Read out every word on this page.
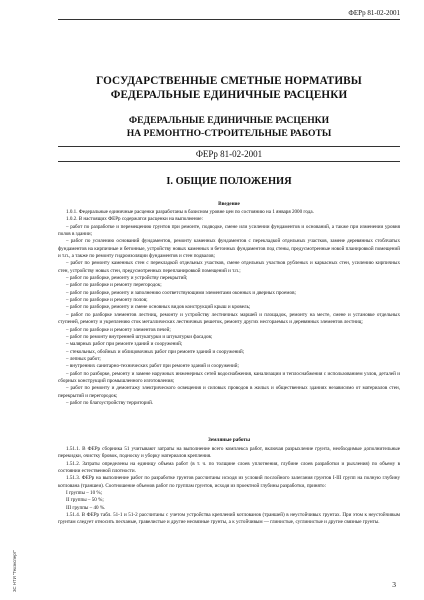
ФЕРр 81-02-2001
ГОСУДАРСТВЕННЫЕ СМЕТНЫЕ НОРМАТИВЫ
ФЕДЕРАЛЬНЫЕ ЕДИНИЧНЫЕ РАСЦЕНКИ
ФЕДЕРАЛЬНЫЕ ЕДИНИЧНЫЕ РАСЦЕНКИ
НА РЕМОНТНО-СТРОИТЕЛЬНЫЕ РАБОТЫ
ФЕРр 81-02-2001
I. ОБЩИЕ ПОЛОЖЕНИЯ
Введение

1.0.1. Федеральные единичные расценки разработаны в базисном уровне цен по состоянию на 1 января 2000 года.

1.0.2. В настоящих ФЕРр содержатся расценки на выполнение:

– работ по разработке и перемещению грунтов при ремонте, подводке, смене или усилении фундаментов и оснований, а также при изменении уровня полов в здании;

– работ по усилению оснований фундаментов, ремонту каменных фундаментов с перекладкой отдельных участков, замене деревянных стоблчатых фундаментов на кирпичные и бетонные, устройству новых каменных и бетонных фундаментов под стены, предусмотренные новой планировкой помещений и т.п., а также по ремонту гидроизоляции фундаментов и стен подвалов;

– работ по ремонту каменных стен с перекладкой отдельных участков, смене отдельных участков рубленых и каркасных стен, усилению кирпичных стен, устройству новых стен, предусмотренных перепланировкой помещений и т.п.;

– работ по разборке, ремонту и устройству перекрытий;

– работ по разборке и ремонту перегородок;

– работ по разборке, ремонту и заполнению соответствующими элементами оконных и дверных проемов;

– работ по разборке и ремонту полов;

– работ по разборке, ремонту и смене основных видов конструкций крыш и кровель;

– работ по разборке элементов лестниц, ремонту и устройству лестничных маршей и площадок, ремонту на месте, смене и установке отдельных ступеней, ремонту и укреплению сток металлических лестничных решеток, ремонту других несгораемых и деревянных элементов лестниц;

– работ по разборке и ремонту элементов печей;

– работ по ремонту внутренней штукатурки и штукатурки фасадов;

– малярных работ при ремонте зданий и сооружений;

– стекольных, обойных и облицовочных работ при ремонте зданий и сооружений;

– лепных работ;

– внутренних санитарно-технических работ при ремонте зданий и сооружений;

– работ по разборке, ремонту и замене наружных инженерных сетей водоснабжения, канализации и теплоснабжения с использованием узлов, деталей и сборных конструкций промышленного изготовления;

– работ по ремонту и демонтажу электрического освещения и силовых проводов в жилых и общественных зданиях независимо от материалов стен, перекрытий и перегородок;

– работ по благоустройству территорий.

Земляные работы

1.51.1. В ФЕРр сборника 51 учитывают затраты на выполнение всего комплекса работ, включая разрыхление грунта, необходимые дополнительные перекидки, очистку бровок, подноску и уборку материалов крепления.

1.51.2. Затраты определены на единицу объема работ (в т. ч. по толщине слоев уплотнения, глубине слоев разработки и рыхления) по объему в состоянии естественной плотности.

1.51.3. ФЕРр на выполнение работ по разработке грунтов рассчитаны исходя из условий послойного залегания грунтов I-III групп на полную глубину котлована (траншеи). Соотношение объемов работ по группам грунтов, исходя из проектной глубины разработки, принято:

I группы – 10 %;

II группы – 50 %;

III группы – 40 %.

1.51.4. В ФЕРр табл. 51-1 и 51-2 рассчитаны с учетом устройства креплений котлованов (траншей) в неустойчивых грунтах. При этом к неустойчивым грунтам следует относить песчаные, гравелистые и другие несвязные грунты, а к устойчивым — глинистые, суглинистые и другие связные грунты.

ЗС НТИ "Техэксперт"	3
